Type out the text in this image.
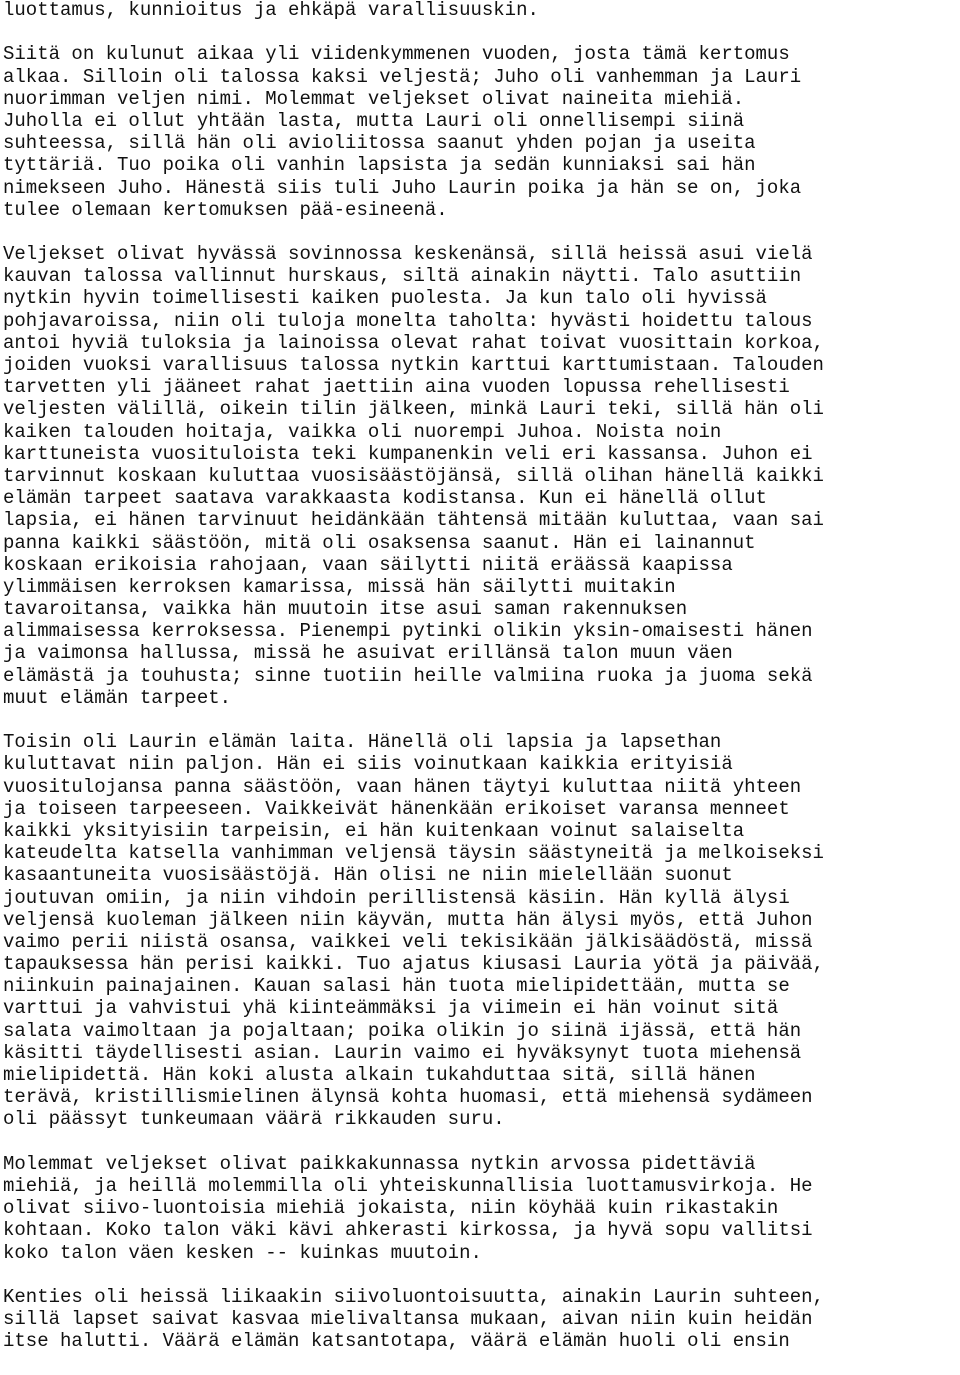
luottamus, kunnioitus ja ehkäpä varallisuuskin.
Siitä on kulunut aikaa yli viidenkymmenen vuoden, josta tämä kertomus
alkaa. Silloin oli talossa kaksi veljestä; Juho oli vanhemman ja Lauri
nuorimman veljen nimi. Molemmat veljekset olivat naineita miehiä.
Juholla ei ollut yhtään lasta, mutta Lauri oli onnellisempi siinä
suhteessa, sillä hän oli avioliitossa saanut yhden pojan ja useita
tyttäriä. Tuo poika oli vanhin lapsista ja sedän kunniaksi sai hän
nimekseen Juho. Hänestä siis tuli Juho Laurin poika ja hän se on, joka
tulee olemaan kertomuksen pää-esineenä.
Veljekset olivat hyvässä sovinnossa keskenänsä, sillä heissä asui vielä
kauvan talossa vallinnut hurskaus, siltä ainakin näytti. Talo asuttiin
nytkin hyvin toimellisesti kaiken puolesta. Ja kun talo oli hyvissä
pohjavaroissa, niin oli tuloja monelta taholta: hyvästi hoidettu talous
antoi hyviä tuloksia ja lainoissa olevat rahat toivat vuosittain korkoa,
joiden vuoksi varallisuus talossa nytkin karttui karttumistaan. Talouden
tarvetten yli jääneet rahat jaettiin aina vuoden lopussa rehellisesti
veljesten välillä, oikein tilin jälkeen, minkä Lauri teki, sillä hän oli
kaiken talouden hoitaja, vaikka oli nuorempi Juhoa. Noista noin
karttuneista vuosituloista teki kumpanenkin veli eri kassansa. Juhon ei
tarvinnut koskaan kuluttaa vuosisäästöjänsä, sillä olihan hänellä kaikki
elämän tarpeet saatava varakkaasta kodistansa. Kun ei hänellä ollut
lapsia, ei hänen tarvinuut heidänkään tähtensä mitään kuluttaa, vaan sai
panna kaikki säästöön, mitä oli osaksensa saanut. Hän ei lainannut
koskaan erikoisia rahojaan, vaan säilytti niitä eräässä kaapissa
ylimmäisen kerroksen kamarissa, missä hän säilytti muitakin
tavaroitansa, vaikka hän muutoin itse asui saman rakennuksen
alimmaisessa kerroksessa. Pienempi pytinki olikin yksin-omaisesti hänen
ja vaimonsa hallussa, missä he asuivat erillänsä talon muun väen
elämästä ja touhusta; sinne tuotiin heille valmiina ruoka ja juoma sekä
muut elämän tarpeet.
Toisin oli Laurin elämän laita. Hänellä oli lapsia ja lapsethan
kuluttavat niin paljon. Hän ei siis voinutkaan kaikkia erityisiä
vuositulojansa panna säästöön, vaan hänen täytyi kuluttaa niitä yhteen
ja toiseen tarpeeseen. Vaikkeivät hänenkään erikoiset varansa menneet
kaikki yksityisiin tarpeisin, ei hän kuitenkaan voinut salaiselta
kateudelta katsella vanhimman veljensä täysin säästyneitä ja melkoiseksi
kasaantuneita vuosisäästöjä. Hän olisi ne niin mielellään suonut
joutuvan omiin, ja niin vihdoin perillistensä käsiin. Hän kyllä älysi
veljensä kuoleman jälkeen niin käyvän, mutta hän älysi myös, että Juhon
vaimo perii niistä osansa, vaikkei veli tekisikään jälkisäädöstä, missä
tapauksessa hän perisi kaikki. Tuo ajatus kiusasi Lauria yötä ja päivää,
niinkuin painajainen. Kauan salasi hän tuota mielipidettään, mutta se
varttui ja vahvistui yhä kiinteämmäksi ja viimein ei hän voinut sitä
salata vaimoltaan ja pojaltaan; poika olikin jo siinä ijässä, että hän
käsitti täydellisesti asian. Laurin vaimo ei hyväksynyt tuota miehensä
mielipidettä. Hän koki alusta alkain tukahduttaa sitä, sillä hänen
terävä, kristillismielinen älynsä kohta huomasi, että miehensä sydämeen
oli päässyt tunkeumaan väärä rikkauden suru.
Molemmat veljekset olivat paikkakunnassa nytkin arvossa pidettäviä
miehiä, ja heillä molemmilla oli yhteiskunnallisia luottamusvirkoja. He
olivat siivo-luontoisia miehiä jokaista, niin köyhää kuin rikastakin
kohtaan. Koko talon väki kävi ahkerasti kirkossa, ja hyvä sopu vallitsi
koko talon väen kesken -- kuinkas muutoin.
Kenties oli heissä liikaakin siivoluontoisuutta, ainakin Laurin suhteen,
sillä lapset saivat kasvaa mielivaltansa mukaan, aivan niin kuin heidän
itse halutti. Väärä elämän katsantotapa, väärä elämän huoli oli ensin
